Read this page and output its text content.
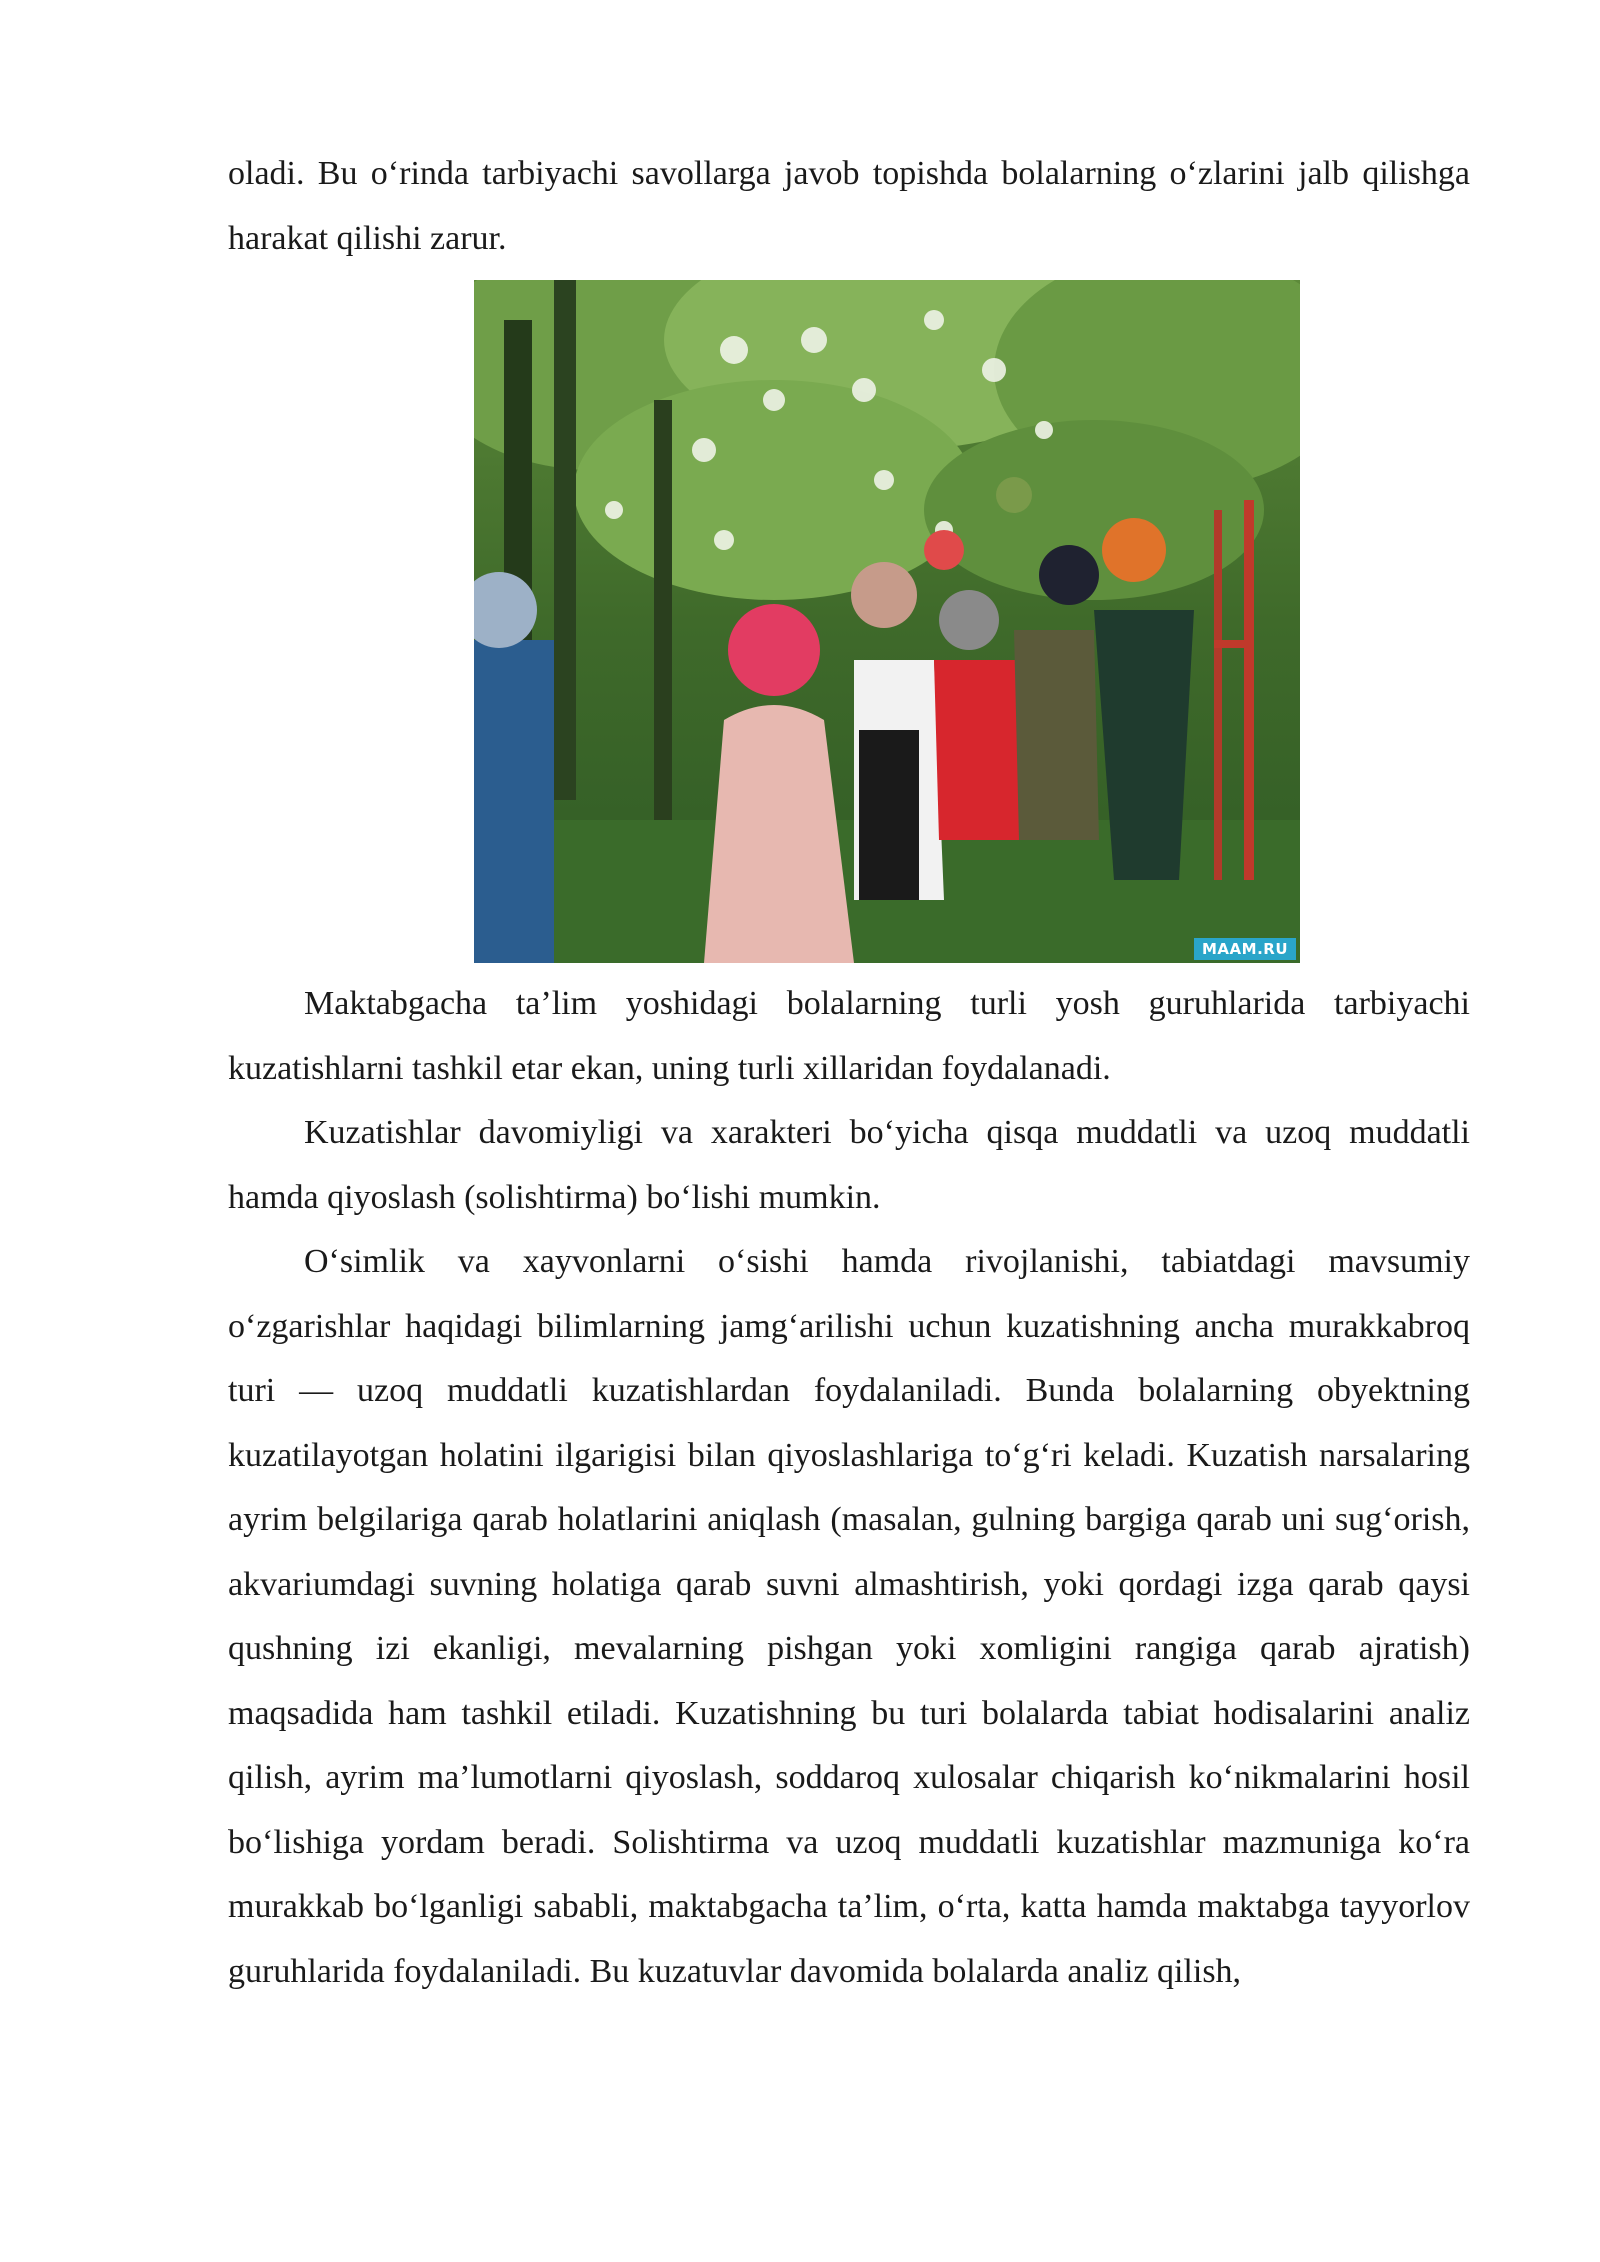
oladi. Bu o‘rinda tarbiyachi savollarga javob topishda bolalarning o‘zlarini jalb qilishga harakat qilishi zarur.

MAAM.RU

Maktabgacha ta’lim yoshidagi bolalarning turli yosh guruhlarida tarbiyachi kuzatishlarni tashkil etar ekan, uning turli xillaridan foydalanadi.

Kuzatishlar davomiyligi va xarakteri bo‘yicha qisqa muddatli va uzoq muddatli hamda qiyoslash (solishtirma) bo‘lishi mumkin.

O‘simlik va xayvonlarni o‘sishi hamda rivojlanishi, tabiatdagi mavsumiy o‘zgarishlar haqidagi bilimlarning jamg‘arilishi uchun kuzatishning ancha murakkabroq turi — uzoq muddatli kuzatishlardan foydalaniladi. Bunda bolalarning obyektning kuzatilayotgan holatini ilgarigisi bilan qiyoslashlariga to‘g‘ri keladi. Kuzatish narsalaring ayrim belgilariga qarab holatlarini aniqlash (masalan, gulning bargiga qarab uni sug‘orish, akvariumdagi suvning holatiga qarab suvni almashtirish, yoki qordagi izga qarab qaysi qushning izi ekanligi, mevalarning pishgan yoki xomligini rangiga qarab ajratish) maqsadida ham tashkil etiladi. Kuzatishning bu turi bolalarda tabiat hodisalarini analiz qilish, ayrim ma’lumotlarni qiyoslash, soddaroq xulosalar chiqarish ko‘nikmalarini hosil bo‘lishiga yordam beradi. Solishtirma va uzoq muddatli kuzatishlar mazmuniga ko‘ra murakkab bo‘lganligi sababli, maktabgacha ta’lim, o‘rta, katta hamda maktabga tayyorlov guruhlarida foydalaniladi. Bu kuzatuvlar davomida bolalarda analiz qilish,
